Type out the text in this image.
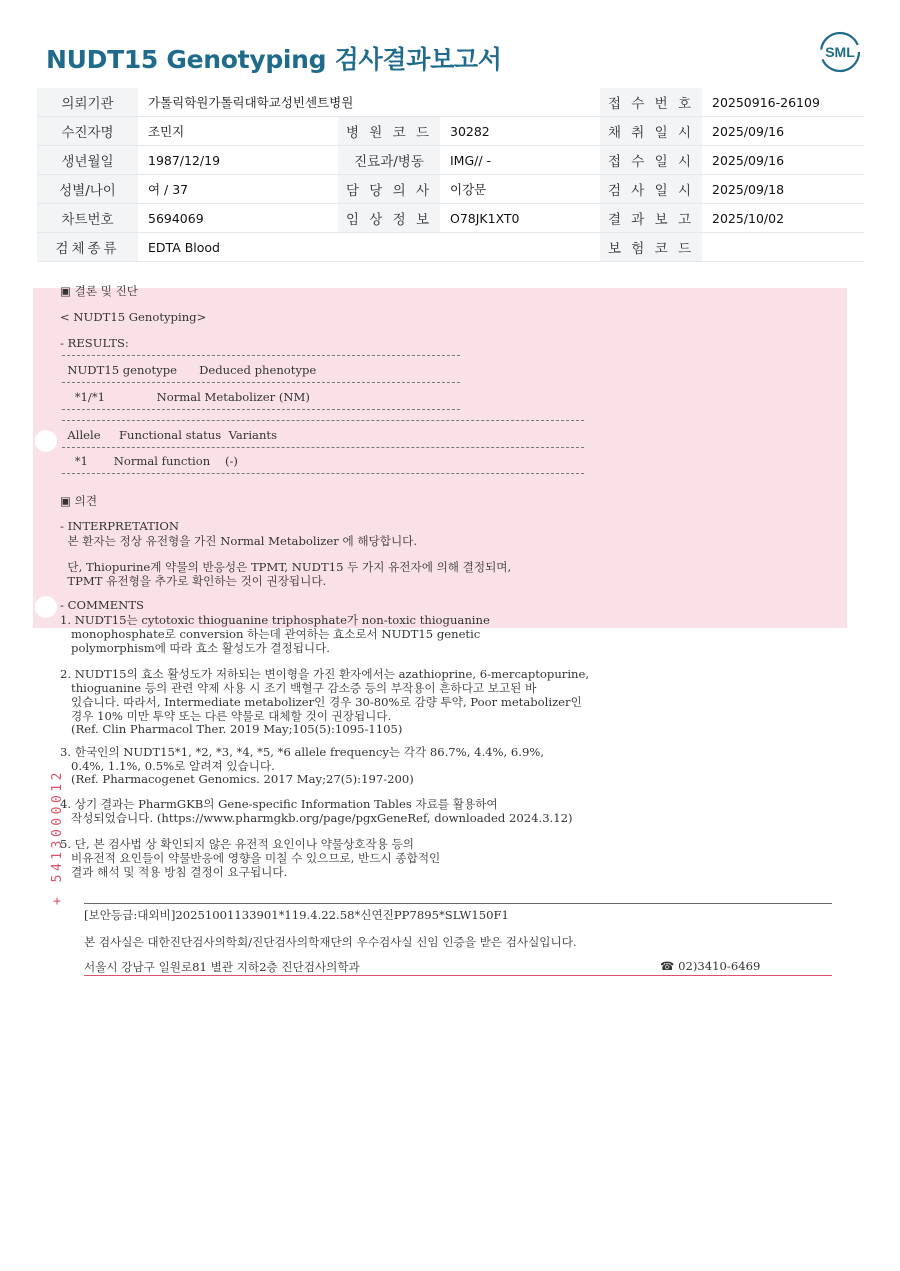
NUDT15 Genotyping 검사결과보고서	SML
의뢰기관	가톨릭학원가톨릭대학교성빈센트병원			접 수 번 호	20250916-26109
수진자명	조민지	병 원 코 드	30282	채 취 일 시	2025/09/16
생년월일	1987/12/19	진료과/병동	IMG// -	접 수 일 시	2025/09/16
성별/나이	여 / 37	담 당 의 사	이강문	검 사 일 시	2025/09/18
차트번호	5694069	임 상 정 보	O78JK1XT0	결 과 보 고	2025/10/02
검체종류	EDTA Blood			보 험 코 드	
▣ 결론 및 진단
< NUDT15 Genotyping>
- RESULTS:
NUDT15 genotype      Deduced phenotype
*1/*1              Normal Metabolizer (NM)
Allele     Functional status  Variants
*1       Normal function    (-)
▣ 의견
- INTERPRETATION
본 환자는 정상 유전형을 가진 Normal Metabolizer 에 해당합니다.
단, Thiopurine계 약물의 반응성은 TPMT, NUDT15 두 가지 유전자에 의해 결정되며,
TPMT 유전형을 추가로 확인하는 것이 권장됩니다.
- COMMENTS
1. NUDT15는 cytotoxic thioguanine triphosphate가 non-toxic thioguanine
monophosphate로 conversion 하는데 관여하는 효소로서 NUDT15 genetic
polymorphism에 따라 효소 활성도가 결정됩니다.
2. NUDT15의 효소 활성도가 저하되는 변이형을 가진 환자에서는 azathioprine, 6-mercaptopurine,
thioguanine 등의 관련 약제 사용 시 조기 백혈구 감소증 등의 부작용이 흔하다고 보고된 바
있습니다. 따라서, Intermediate metabolizer인 경우 30-80%로 감량 투약, Poor metabolizer인
경우 10% 미만 투약 또는 다른 약물로 대체할 것이 권장됩니다.
(Ref. Clin Pharmacol Ther. 2019 May;105(5):1095-1105)
3. 한국인의 NUDT15*1, *2, *3, *4, *5, *6 allele frequency는 각각 86.7%, 4.4%, 6.9%,
0.4%, 1.1%, 0.5%로 알려져 있습니다.
(Ref. Pharmacogenet Genomics. 2017 May;27(5):197-200)
4. 상기 결과는 PharmGKB의 Gene-specific Information Tables 자료를 활용하여
작성되었습니다. (https://www.pharmgkb.org/page/pgxGeneRef, downloaded 2024.3.12)
5. 단, 본 검사법 상 확인되지 않은 유전적 요인이나 약물상호작용 등의
비유전적 요인들이 약물반응에 영향을 미칠 수 있으므로, 반드시 종합적인
결과 해석 및 적용 방침 결정이 요구됩니다.
+ 5413000012
[보안등급:대외비]20251001133901*119.4.22.58*신연진PP7895*SLW150F1
본 검사실은 대한진단검사의학회/진단검사의학재단의 우수검사실 신임 인증을 받은 검사실입니다.
서울시 강남구 일원로81 별관 지하2층 진단검사의학과	☎ 02)3410-6469
